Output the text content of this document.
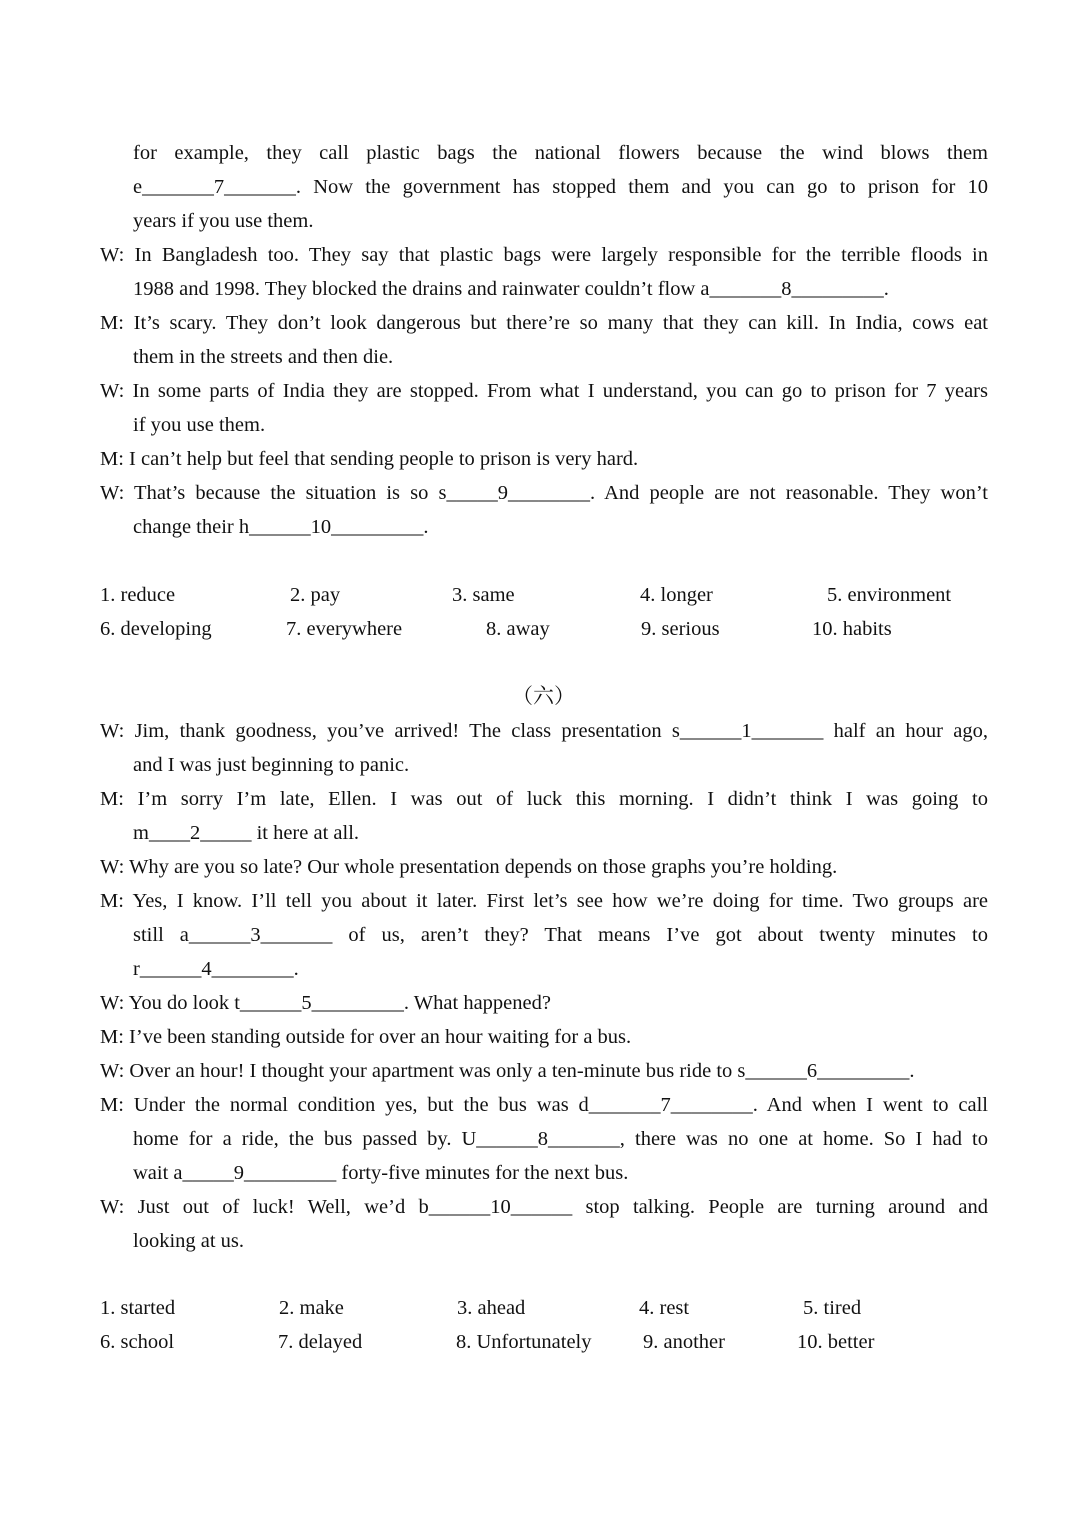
for example, they call plastic bags the national flowers because the wind blows them
e_______7_______. Now the government has stopped them and you can go to prison for 10
years if you use them.
W: In Bangladesh too. They say that plastic bags were largely responsible for the terrible floods in
1988 and 1998. They blocked the drains and rainwater couldn’t flow a_______8_________.
M: It’s scary. They don’t look dangerous but there’re so many that they can kill. In India, cows eat
them in the streets and then die.
W: In some parts of India they are stopped. From what I understand, you can go to prison for 7 years
if you use them.
M: I can’t help but feel that sending people to prison is very hard.
W: That’s because the situation is so s_____9________. And people are not reasonable. They won’t
change their h______10_________.
1. reduce	2. pay	3. same	4. longer	5. environment
6. developing	7. everywhere	8. away	9. serious	10. habits
（六）
W: Jim, thank goodness, you’ve arrived! The class presentation s______1_______ half an hour ago,
and I was just beginning to panic.
M: I’m sorry I’m late, Ellen. I was out of luck this morning. I didn’t think I was going to
m____2_____ it here at all.
W: Why are you so late? Our whole presentation depends on those graphs you’re holding.
M: Yes, I know. I’ll tell you about it later. First let’s see how we’re doing for time. Two groups are
still a______3_______ of us, aren’t they? That means I’ve got about twenty minutes to
r______4________.
W: You do look t______5_________. What happened?
M: I’ve been standing outside for over an hour waiting for a bus.
W: Over an hour! I thought your apartment was only a ten-minute bus ride to s______6_________.
M: Under the normal condition yes, but the bus was d_______7________. And when I went to call
home for a ride, the bus passed by. U______8_______, there was no one at home. So I had to
wait a_____9_________ forty-five minutes for the next bus.
W: Just out of luck! Well, we’d b______10______ stop talking. People are turning around and
looking at us.
1. started	2. make	3. ahead	4. rest	5. tired
6. school	7. delayed	8. Unfortunately	9. another	10. better
